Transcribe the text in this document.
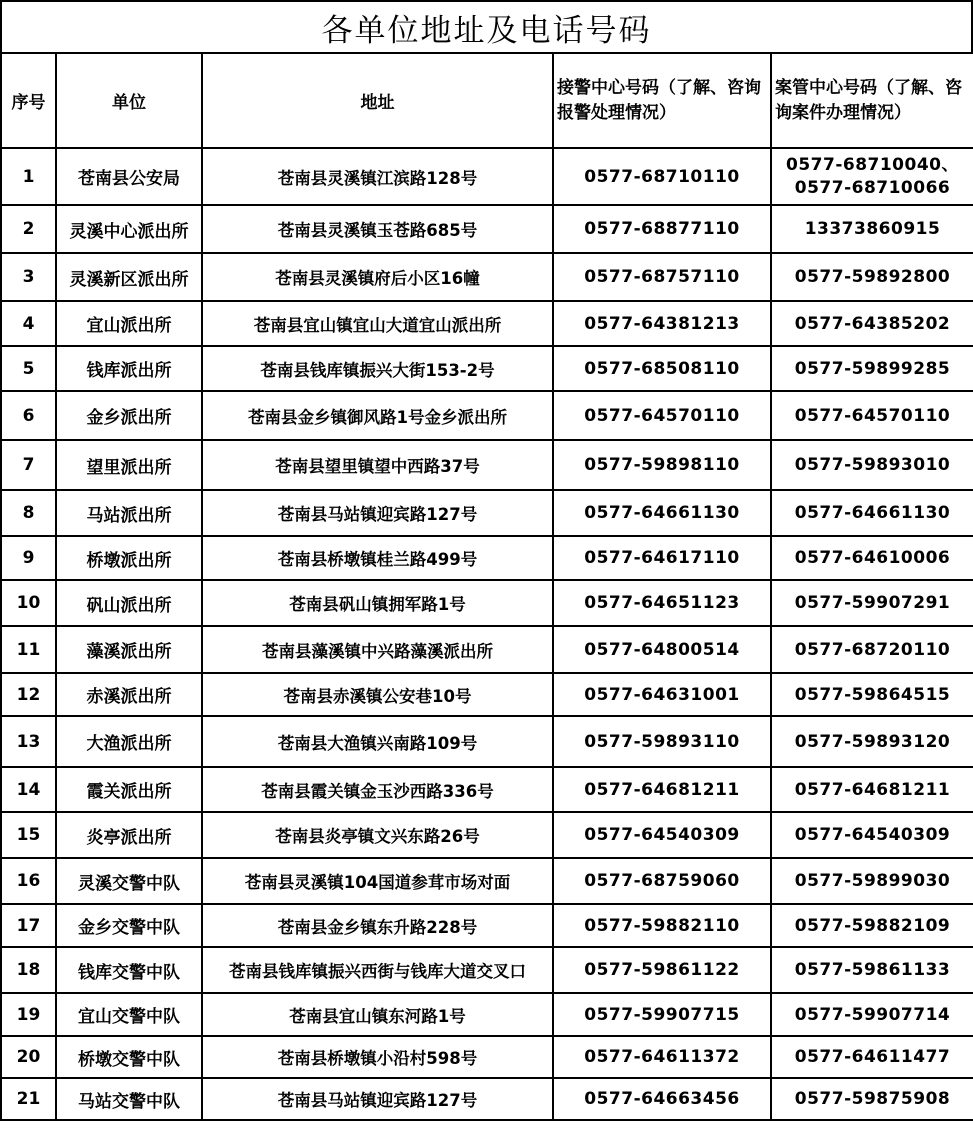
各单位地址及电话号码
序号	单位	地址	接警中心号码（了解、咨询报警处理情况）	案管中心号码（了解、咨询案件办理情况）
1	苍南县公安局	苍南县灵溪镇江滨路128号	0577-68710110	0577-68710040、0577-68710066
2	灵溪中心派出所	苍南县灵溪镇玉苍路685号	0577-68877110	13373860915
3	灵溪新区派出所	苍南县灵溪镇府后小区16幢	0577-68757110	0577-59892800
4	宜山派出所	苍南县宜山镇宜山大道宜山派出所	0577-64381213	0577-64385202
5	钱库派出所	苍南县钱库镇振兴大街153-2号	0577-68508110	0577-59899285
6	金乡派出所	苍南县金乡镇御风路1号金乡派出所	0577-64570110	0577-64570110
7	望里派出所	苍南县望里镇望中西路37号	0577-59898110	0577-59893010
8	马站派出所	苍南县马站镇迎宾路127号	0577-64661130	0577-64661130
9	桥墩派出所	苍南县桥墩镇桂兰路499号	0577-64617110	0577-64610006
10	矾山派出所	苍南县矾山镇拥军路1号	0577-64651123	0577-59907291
11	藻溪派出所	苍南县藻溪镇中兴路藻溪派出所	0577-64800514	0577-68720110
12	赤溪派出所	苍南县赤溪镇公安巷10号	0577-64631001	0577-59864515
13	大渔派出所	苍南县大渔镇兴南路109号	0577-59893110	0577-59893120
14	霞关派出所	苍南县霞关镇金玉沙西路336号	0577-64681211	0577-64681211
15	炎亭派出所	苍南县炎亭镇文兴东路26号	0577-64540309	0577-64540309
16	灵溪交警中队	苍南县灵溪镇104国道参茸市场对面	0577-68759060	0577-59899030
17	金乡交警中队	苍南县金乡镇东升路228号	0577-59882110	0577-59882109
18	钱库交警中队	苍南县钱库镇振兴西街与钱库大道交叉口	0577-59861122	0577-59861133
19	宜山交警中队	苍南县宜山镇东河路1号	0577-59907715	0577-59907714
20	桥墩交警中队	苍南县桥墩镇小沿村598号	0577-64611372	0577-64611477
21	马站交警中队	苍南县马站镇迎宾路127号	0577-64663456	0577-59875908
